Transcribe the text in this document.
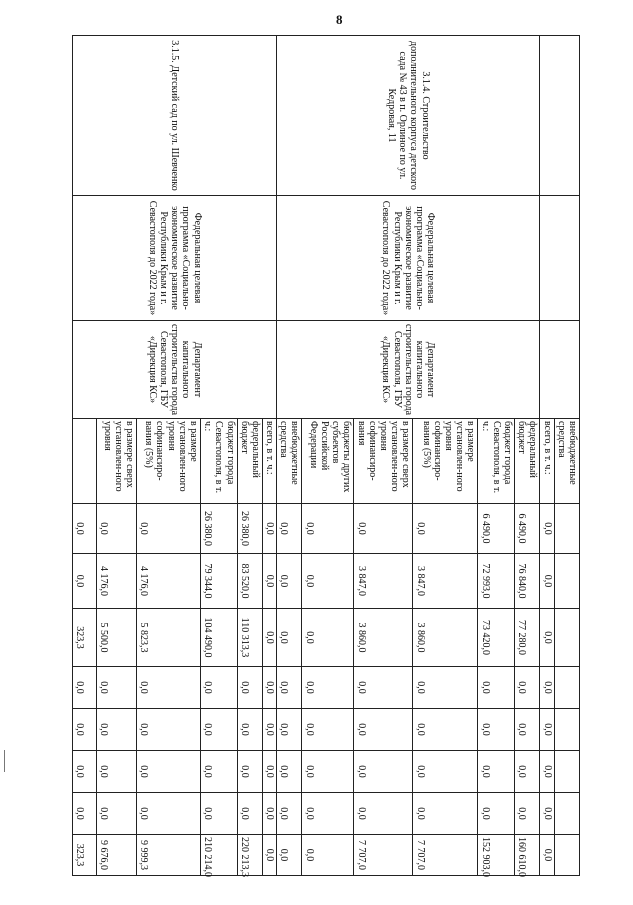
8
			внебюджетные средства								
			всего, в т. ч.:	0,0	0,0	0,0	0,0	0,0	0,0	0,0	0,0
3.1.4. Строительство дополнительного корпуса детского сада № 43 в п. Орлиное по ул. Кедровая, 11	Федеральная целевая программа «Социально-экономическое развитие Республики Крым и г. Севастополя до 2022 года»	Департамент капитального строительства города Севастополя, ГБУ «Дирекция КС»	федеральный бюджет	6 490,0	76 840,0	77 280,0	0,0	0,0	0,0	0,0	160 610,0
			бюджет города Севастополя, в т. ч.:	6 490,0	72 993,0	73 420,0	0,0	0,0	0,0	0,0	152 903,0
			в размере установлен-ного уровня софинансиро-вания (5%)	0,0	3 847,0	3 860,0	0,0	0,0	0,0	0,0	7 707,0
			в размере сверх установлен-ного уровня софинансиро-вания	0,0	3 847,0	3 860,0	0,0	0,0	0,0	0,0	7 707,0
			бюджеты других субъектов Российской Федерации	0,0	0,0	0,0	0,0	0,0	0,0	0,0	0,0
			внебюджетные средства	0,0	0,0	0,0	0,0	0,0	0,0	0,0	0,0
3.1.5. Детский сад по ул. Шевченко	Федеральная целевая программа «Социально-экономическое развитие Республики Крым и г. Севастополя до 2022 года»	Департамент капитального строительства города Севастополя, ГБУ «Дирекция КС»	всего, в т. ч.:	0,0	0,0	0,0	0,0	0,0	0,0	0,0	0,0
			федеральный бюджет	26 380,0	83 520,0	110 313,3	0,0	0,0	0,0	0,0	220 213,3
			бюджет города Севастополя, в т. ч.:	26 380,0	79 344,0	104 490,0	0,0	0,0	0,0	0,0	210 214,0
			в размере установлен-ного уровня софинансиро-вания (5%)	0,0	4 176,0	5 823,3	0,0	0,0	0,0	0,0	9 999,3
			в размере сверх установлен-ного уровня	0,0	4 176,0	5 500,0	0,0	0,0	0,0	0,0	9 676,0
				0,0	0,0	323,3	0,0	0,0	0,0	0,0	323,3
